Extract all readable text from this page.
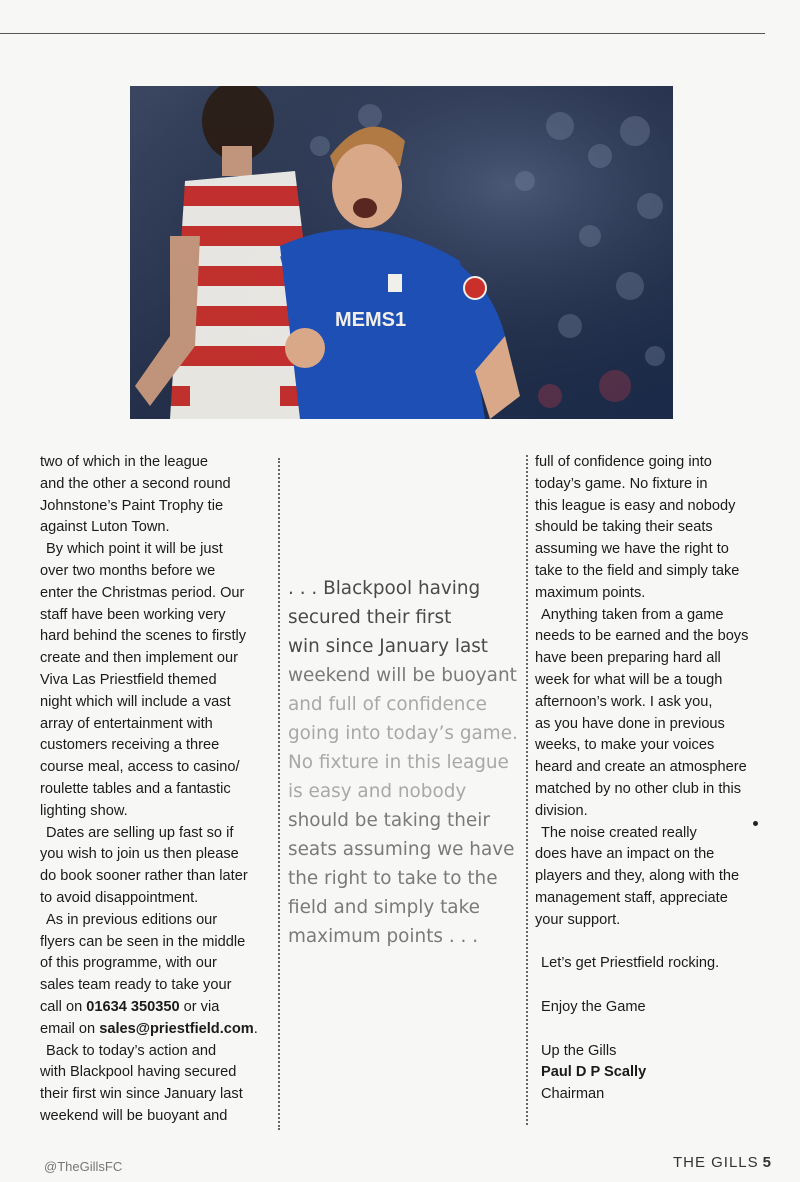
MEMS1

two of which in the league

and the other a second round

Johnstone’s Paint Trophy tie

against Luton Town.

By which point it will be just

over two months before we

enter the Christmas period. Our

staff have been working very

hard behind the scenes to firstly

create and then implement our

Viva Las Priestfield themed

night which will include a vast

array of entertainment with

customers receiving a three

course meal, access to casino/

roulette tables and a fantastic

lighting show.

Dates are selling up fast so if

you wish to join us then please

do book sooner rather than later

to avoid disappointment.

As in previous editions our

flyers can be seen in the middle

of this programme, with our

sales team ready to take your

call on 01634 350350 or via

email on sales@priestfield.com.

Back to today’s action and

with Blackpool having secured

their first win since January last

weekend will be buoyant and

. . . Blackpool having

secured their first

win since January last

weekend will be buoyant

and full of confidence

going into today’s game.

No fixture in this league

is easy and nobody

should be taking their

seats assuming we have

the right to take to the

field and simply take

maximum points . . .

full of confidence going into

today’s game. No fixture in

this league is easy and nobody

should be taking their seats

assuming we have the right to

take to the field and simply take

maximum points.

Anything taken from a game

needs to be earned and the boys

have been preparing hard all

week for what will be a tough

afternoon’s work. I ask you,

as you have done in previous

weeks, to make your voices

heard and create an atmosphere

matched by no other club in this

division.

The noise created really

does have an impact on the

players and they, along with the

management staff, appreciate

your support.

Let’s get Priestfield rocking.

Enjoy the Game

Up the Gills

Paul D P Scally

Chairman

@TheGillsFC	THE GILLS 5
